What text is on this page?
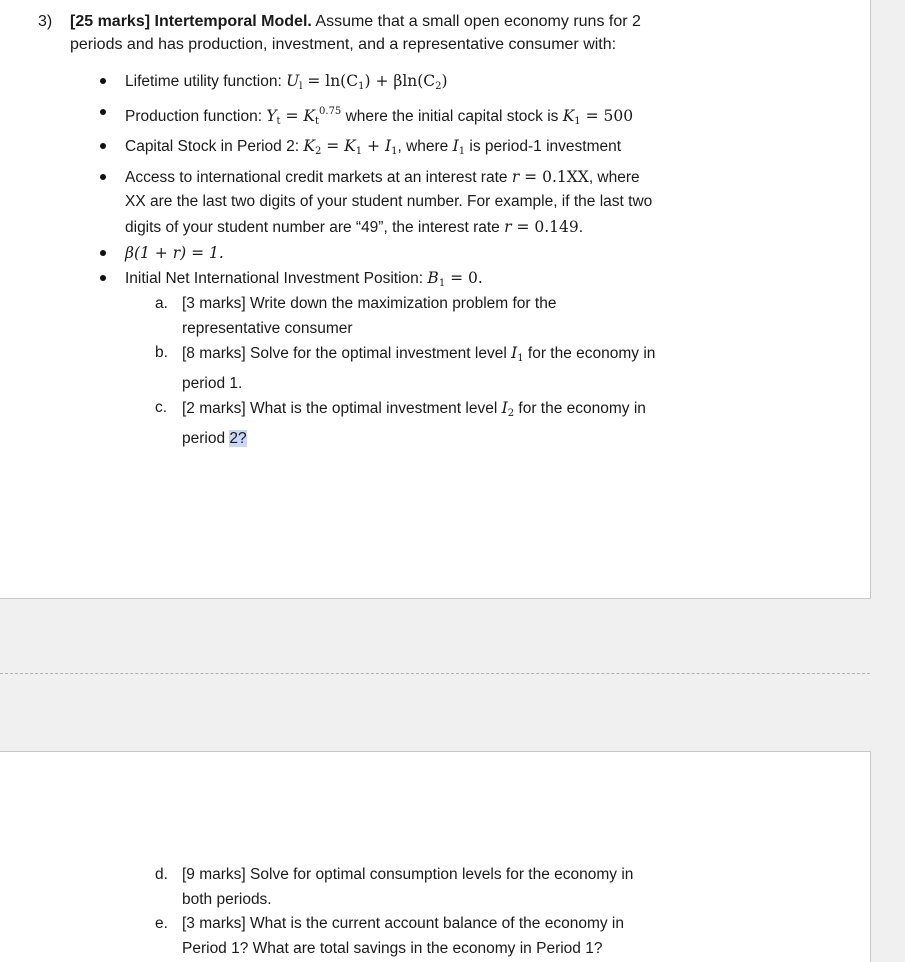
3) [25 marks] Intertemporal Model. Assume that a small open economy runs for 2
periods and has production, investment, and a representative consumer with:
Lifetime utility function: $U_l = \ln(C_1) + \beta\ln(C_2)$
Production function: $Y_t = K_t^{0.75}$ where the initial capital stock is $K_1 = 500$
Capital Stock in Period 2: $K_2 = K_1 + I_1$, where $I_1$ is period-1 investment
Access to international credit markets at an interest rate r = 0.1XX, where
XX are the last two digits of your student number. For example, if the last two
digits of your student number are “49”, the interest rate r = 0.149.
β(1 + r) = 1.
Initial Net International Investment Position: $B_1 = 0$.
a. [3 marks] Write down the maximization problem for the
representative consumer
b. [8 marks] Solve for the optimal investment level $I_1$ for the economy in
period 1.
c. [2 marks] What is the optimal investment level $I_2$ for the economy in
period 2?
d. [9 marks] Solve for optimal consumption levels for the economy in
both periods.
e. [3 marks] What is the current account balance of the economy in
Period 1? What are total savings in the economy in Period 1?
